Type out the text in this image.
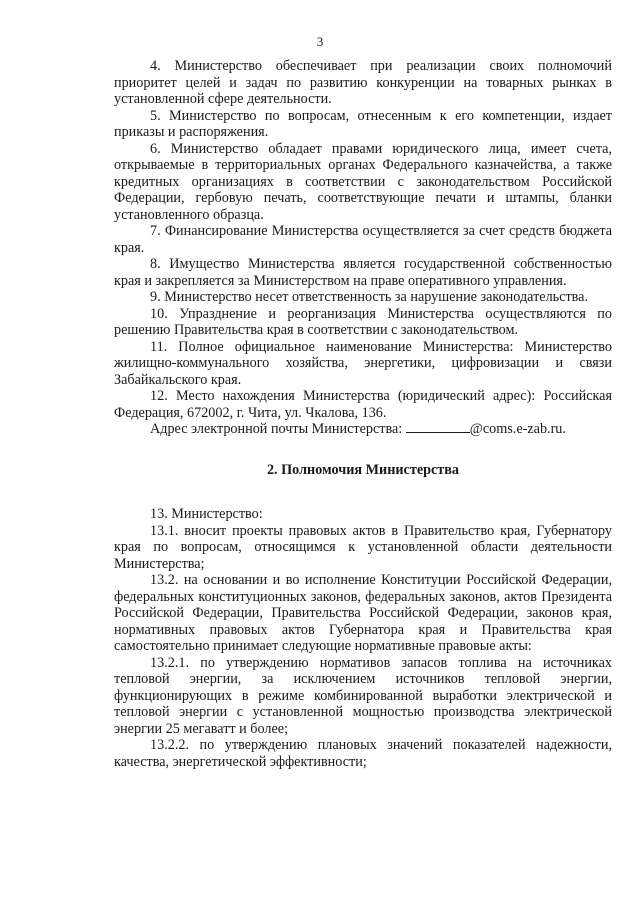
3

4. Министерство обеспечивает при реализации своих полномочий приоритет целей и задач по развитию конкуренции на товарных рынках в установленной сфере деятельности.

5. Министерство по вопросам, отнесенным к его компетенции, издает приказы и распоряжения.

6. Министерство обладает правами юридического лица, имеет счета, открываемые в территориальных органах Федерального казначейства, а также кредитных организациях в соответствии с законодательством Российской Федерации, гербовую печать, соответствующие печати и штампы, бланки установленного образца.

7. Финансирование Министерства осуществляется за счет средств бюджета края.

8. Имущество Министерства является государственной собственностью края и закрепляется за Министерством на праве оперативного управления.

9. Министерство несет ответственность за нарушение законодательства.

10. Упразднение и реорганизация Министерства осуществляются по решению Правительства края в соответствии с законодательством.

11. Полное официальное наименование Министерства: Министерство жилищно-коммунального хозяйства, энергетики, цифровизации и связи Забайкальского края.

12. Место нахождения Министерства (юридический адрес): Российская Федерация, 672002, г. Чита, ул. Чкалова, 136.

Адрес электронной почты Министерства:	@coms.e-zab.ru.

2. Полномочия Министерства

13. Министерство:

13.1. вносит проекты правовых актов в Правительство края, Губернатору края по вопросам, относящимся к установленной области деятельности Министерства;

13.2. на основании и во исполнение Конституции Российской Федерации, федеральных конституционных законов, федеральных законов, актов Президента Российской Федерации, Правительства Российской Федерации, законов края, нормативных правовых актов Губернатора края и Правительства края самостоятельно принимает следующие нормативные правовые акты:

13.2.1. по утверждению нормативов запасов топлива на источниках тепловой энергии, за исключением источников тепловой энергии, функционирующих в режиме комбинированной выработки электрической и тепловой энергии с установленной мощностью производства электрической энергии 25 мегаватт и более;

13.2.2. по утверждению плановых значений показателей надежности, качества, энергетической эффективности;
